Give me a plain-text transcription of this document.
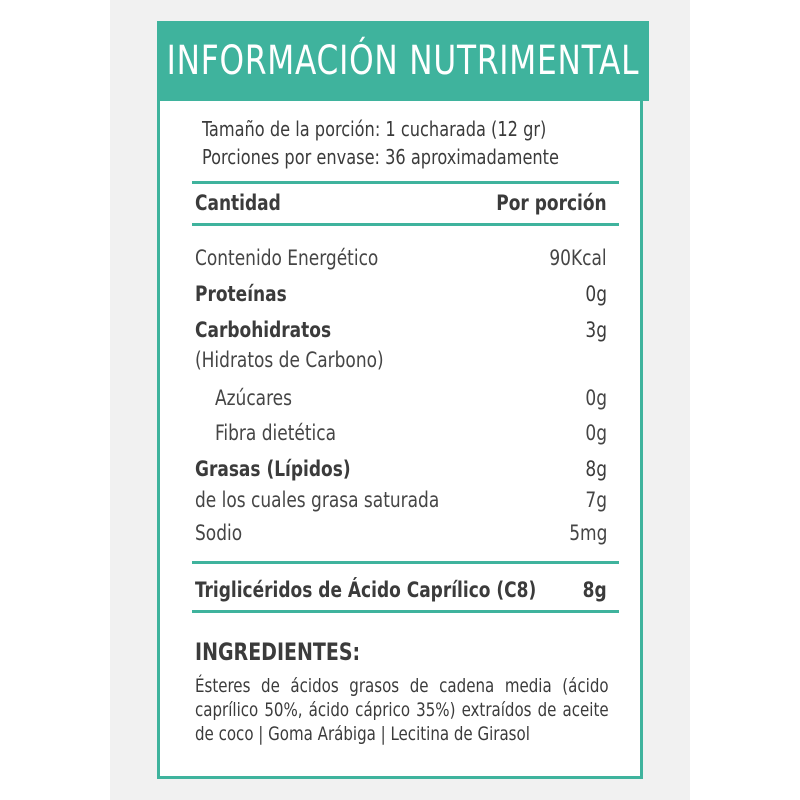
INFORMACIÓN NUTRIMENTAL
Tamaño de la porción: 1 cucharada (12 gr)
Porciones por envase: 36 aproximadamente
Cantidad	Por porción
Contenido Energético	90Kcal
Proteínas	0g
Carbohidratos	3g
(Hidratos de Carbono)
Azúcares	0g
Fibra dietética	0g
Grasas (Lípidos)	8g
de los cuales grasa saturada	7g
Sodio	5mg
Triglicéridos de Ácido Caprílico (C8) 8g
INGREDIENTES:
Ésteres de ácidos grasos de cadena media (ácido caprílico 50%, ácido cáprico 35%) extraídos de aceite de coco | Goma Arábiga | Lecitina de Girasol
